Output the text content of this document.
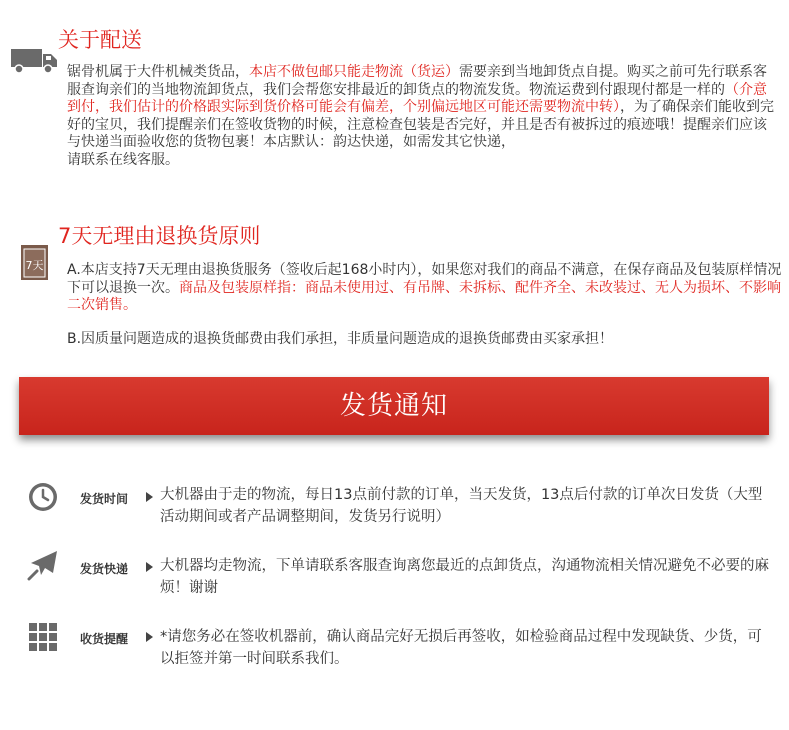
关于配送
锯骨机属于大件机械类货品，本店不做包邮只能走物流（货运）需要亲到当地卸货点自提。购买之前可先行联系客服查询亲们的当地物流卸货点，我们会帮您安排最近的卸货点的物流发货。物流运费到付跟现付都是一样的（介意到付，我们估计的价格跟实际到货价格可能会有偏差，个别偏远地区可能还需要物流中转），为了确保亲们能收到完好的宝贝，我们提醒亲们在签收货物的时候，注意检查包装是否完好，并且是否有被拆过的痕迹哦！提醒亲们应该与快递当面验收您的货物包裹！本店默认：韵达快递，如需发其它快递，
请联系在线客服。
7天无理由退换货原则
7天 A.本店支持7天无理由退换货服务（签收后起168小时内），如果您对我们的商品不满意，在保存商品及包装原样情况下可以退换一次。商品及包装原样指：商品未使用过、有吊牌、未拆标、配件齐全、未改装过、无人为损坏、不影响二次销售。
B.因质量问题造成的退换货邮费由我们承担，非质量问题造成的退换货邮费由买家承担！
发货通知
发货时间 大机器由于走的物流，每日13点前付款的订单，当天发货，13点后付款的订单次日发货（大型活动期间或者产品调整期间，发货另行说明）
发货快递 大机器均走物流，下单请联系客服查询离您最近的点卸货点，沟通物流相关情况避免不必要的麻烦！谢谢
收货提醒 *请您务必在签收机器前，确认商品完好无损后再签收，如检验商品过程中发现缺货、少货，可以拒签并第一时间联系我们。
